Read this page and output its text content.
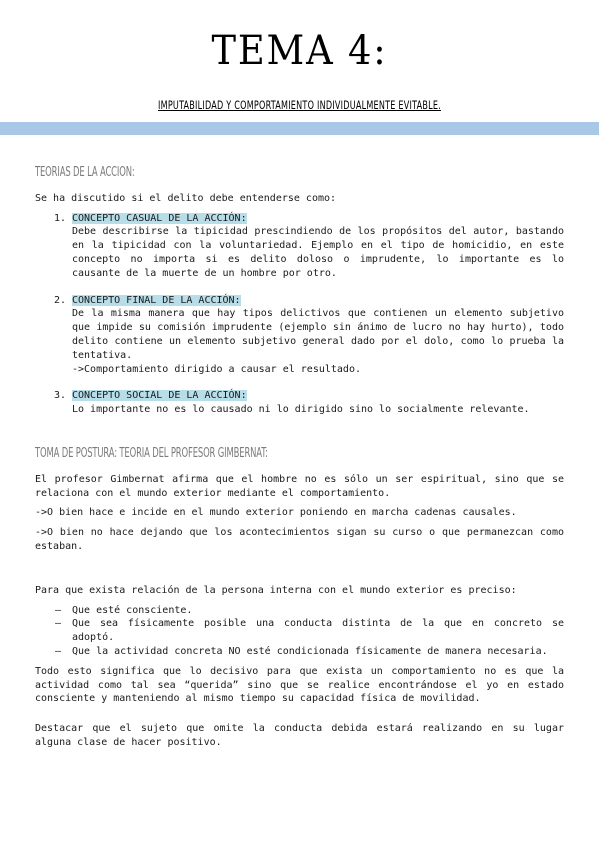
TEMA 4:
IMPUTABILIDAD Y COMPORTAMIENTO INDIVIDUALMENTE EVITABLE.
TEORIAS DE LA ACCION:

Se ha discutido si el delito debe entenderse como:

1. CONCEPTO CASUAL DE LA ACCIÓN:
Debe describirse la tipicidad prescindiendo de los propósitos del autor, bastando en la tipicidad con la voluntariedad. Ejemplo en el tipo de homicidio, en este concepto no importa si es delito doloso o imprudente, lo importante es lo causante de la muerte de un hombre por otro.
2. CONCEPTO FINAL DE LA ACCIÓN:
De la misma manera que hay tipos delictivos que contienen un elemento subjetivo que impide su comisión imprudente (ejemplo sin ánimo de lucro no hay hurto), todo delito contiene un elemento subjetivo general dado por el dolo, como lo prueba la tentativa.
->Comportamiento dirigido a causar el resultado.
3. CONCEPTO SOCIAL DE LA ACCIÓN:
Lo importante no es lo causado ni lo dirigido sino lo socialmente relevante.
TOMA DE POSTURA: TEORIA DEL PROFESOR GIMBERNAT:

El profesor Gimbernat afirma que el hombre no es sólo un ser espiritual, sino que se relaciona con el mundo exterior mediante el comportamiento.

->O bien hace e incide en el mundo exterior poniendo en marcha cadenas causales.

->O bien no hace dejando que los acontecimientos sigan su curso o que permanezcan como estaban.

Para que exista relación de la persona interna con el mundo exterior es preciso:

– Que esté consciente.
– Que sea físicamente posible una conducta distinta de la que en concreto se adoptó.
– Que la actividad concreta NO esté condicionada físicamente de manera necesaria.

Todo esto significa que lo decisivo para que exista un comportamiento no es que la actividad como tal sea “querida” sino que se realice encontrándose el yo en estado consciente y manteniendo al mismo tiempo su capacidad física de movilidad.

Destacar que el sujeto que omite la conducta debida estará realizando en su lugar alguna clase de hacer positivo.
